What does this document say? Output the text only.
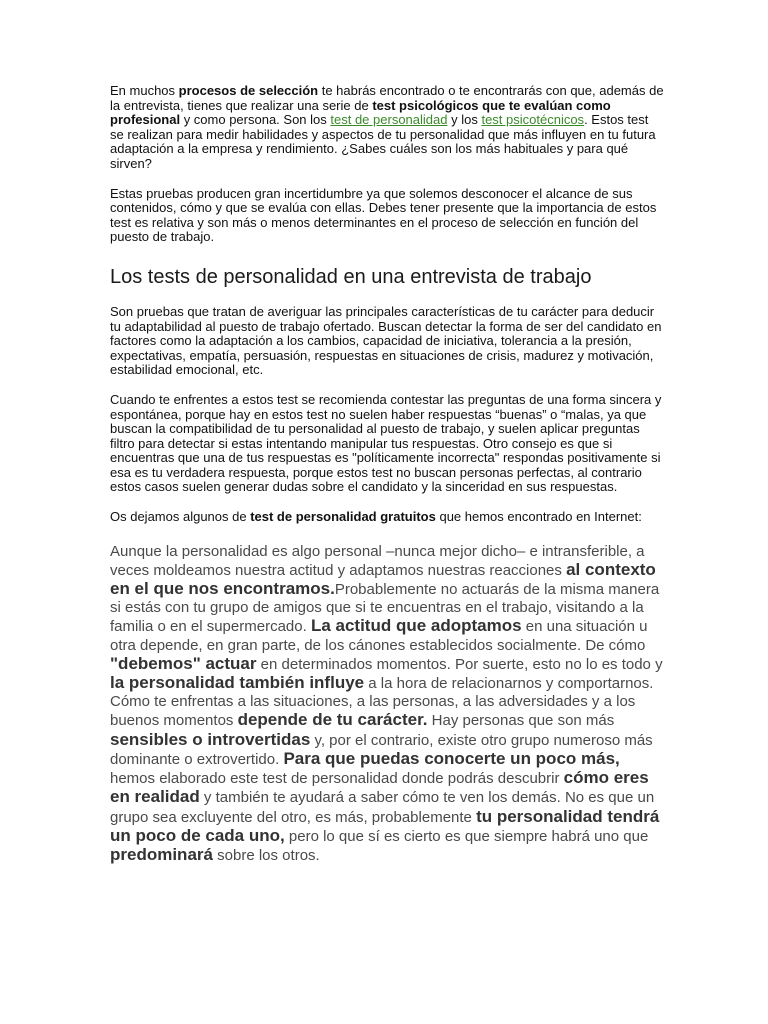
En muchos procesos de selección te habrás encontrado o te encontrarás con que, además de la entrevista, tienes que realizar una serie de test psicológicos que te evalúan como profesional y como persona. Son los test de personalidad y los test psicotécnicos. Estos test se realizan para medir habilidades y aspectos de tu personalidad que más influyen en tu futura adaptación a la empresa y rendimiento. ¿Sabes cuáles son los más habituales y para qué sirven?

Estas pruebas producen gran incertidumbre ya que solemos desconocer el alcance de sus contenidos, cómo y que se evalúa con ellas. Debes tener presente que la importancia de estos test es relativa y son más o menos determinantes en el proceso de selección en función del puesto de trabajo.

Los tests de personalidad en una entrevista de trabajo

Son pruebas que tratan de averiguar las principales características de tu carácter para deducir tu adaptabilidad al puesto de trabajo ofertado. Buscan detectar la forma de ser del candidato en factores como la adaptación a los cambios, capacidad de iniciativa, tolerancia a la presión, expectativas, empatía, persuasión, respuestas en situaciones de crisis, madurez y motivación, estabilidad emocional, etc.

Cuando te enfrentes a estos test se recomienda contestar las preguntas de una forma sincera y espontánea, porque hay en estos test no suelen haber respuestas “buenas” o “malas, ya que buscan la compatibilidad de tu personalidad al puesto de trabajo, y suelen aplicar preguntas filtro para detectar si estas intentando manipular tus respuestas. Otro consejo es que si encuentras que una de tus respuestas es "políticamente incorrecta" respondas positivamente si esa es tu verdadera respuesta, porque estos test no buscan personas perfectas, al contrario estos casos suelen generar dudas sobre el candidato y la sinceridad en sus respuestas.

Os dejamos algunos de test de personalidad gratuitos que hemos encontrado en Internet:

Aunque la personalidad es algo personal –nunca mejor dicho– e intransferible, a veces moldeamos nuestra actitud y adaptamos nuestras reacciones al contexto en el que nos encontramos.Probablemente no actuarás de la misma manera si estás con tu grupo de amigos que si te encuentras en el trabajo, visitando a la familia o en el supermercado. La actitud que adoptamos en una situación u otra depende, en gran parte, de los cánones establecidos socialmente. De cómo "debemos" actuar en determinados momentos. Por suerte, esto no lo es todo y la personalidad también influye a la hora de relacionarnos y comportarnos.

Cómo te enfrentas a las situaciones, a las personas, a las adversidades y a los buenos momentos depende de tu carácter. Hay personas que son más sensibles o introvertidas y, por el contrario, existe otro grupo numeroso más dominante o extrovertido. Para que puedas conocerte un poco más, hemos elaborado este test de personalidad donde podrás descubrir cómo eres en realidad y también te ayudará a saber cómo te ven los demás. No es que un grupo sea excluyente del otro, es más, probablemente tu personalidad tendrá un poco de cada uno, pero lo que sí es cierto es que siempre habrá uno que predominará sobre los otros.
